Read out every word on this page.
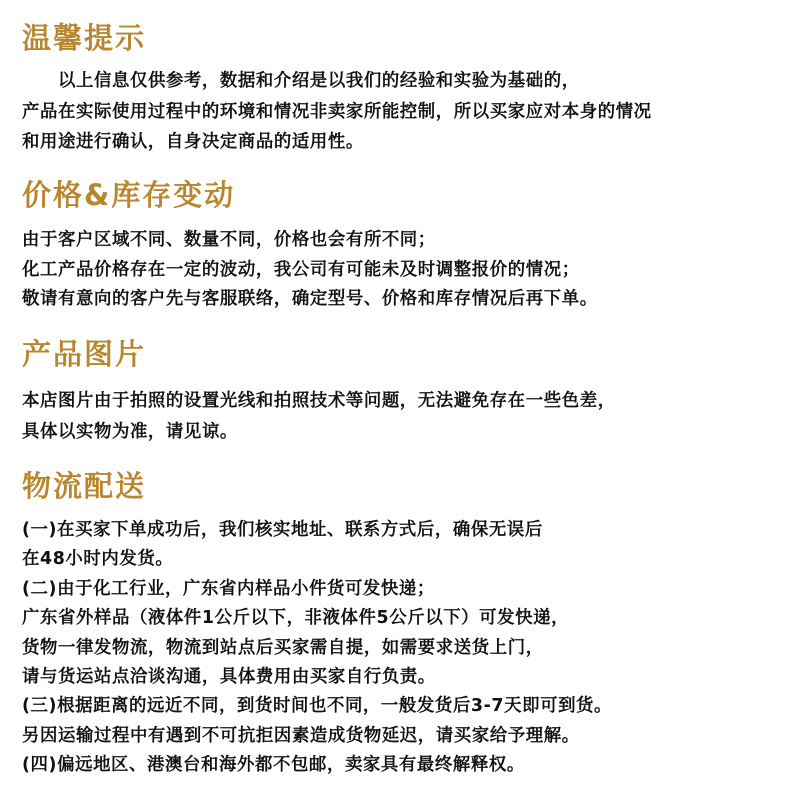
温馨提示
以上信息仅供参考，数据和介绍是以我们的经验和实验为基础的，
产品在实际使用过程中的环境和情况非卖家所能控制，所以买家应对本身的情况
和用途进行确认，自身决定商品的适用性。
价格&库存变动
由于客户区域不同、数量不同，价格也会有所不同；
化工产品价格存在一定的波动，我公司有可能未及时调整报价的情况；
敬请有意向的客户先与客服联络，确定型号、价格和库存情况后再下单。
产品图片
本店图片由于拍照的设置光线和拍照技术等问题，无法避免存在一些色差，
具体以实物为准，请见谅。
物流配送
(一)在买家下单成功后，我们核实地址、联系方式后，确保无误后
在48小时内发货。
(二)由于化工行业，广东省内样品小件货可发快递；
广东省外样品（液体件1公斤以下，非液体件5公斤以下）可发快递，
货物一律发物流，物流到站点后买家需自提，如需要求送货上门，
请与货运站点洽谈沟通，具体费用由买家自行负责。
(三)根据距离的远近不同，到货时间也不同，一般发货后3-7天即可到货。
另因运输过程中有遇到不可抗拒因素造成货物延迟，请买家给予理解。
(四)偏远地区、港澳台和海外都不包邮，卖家具有最终解释权。
